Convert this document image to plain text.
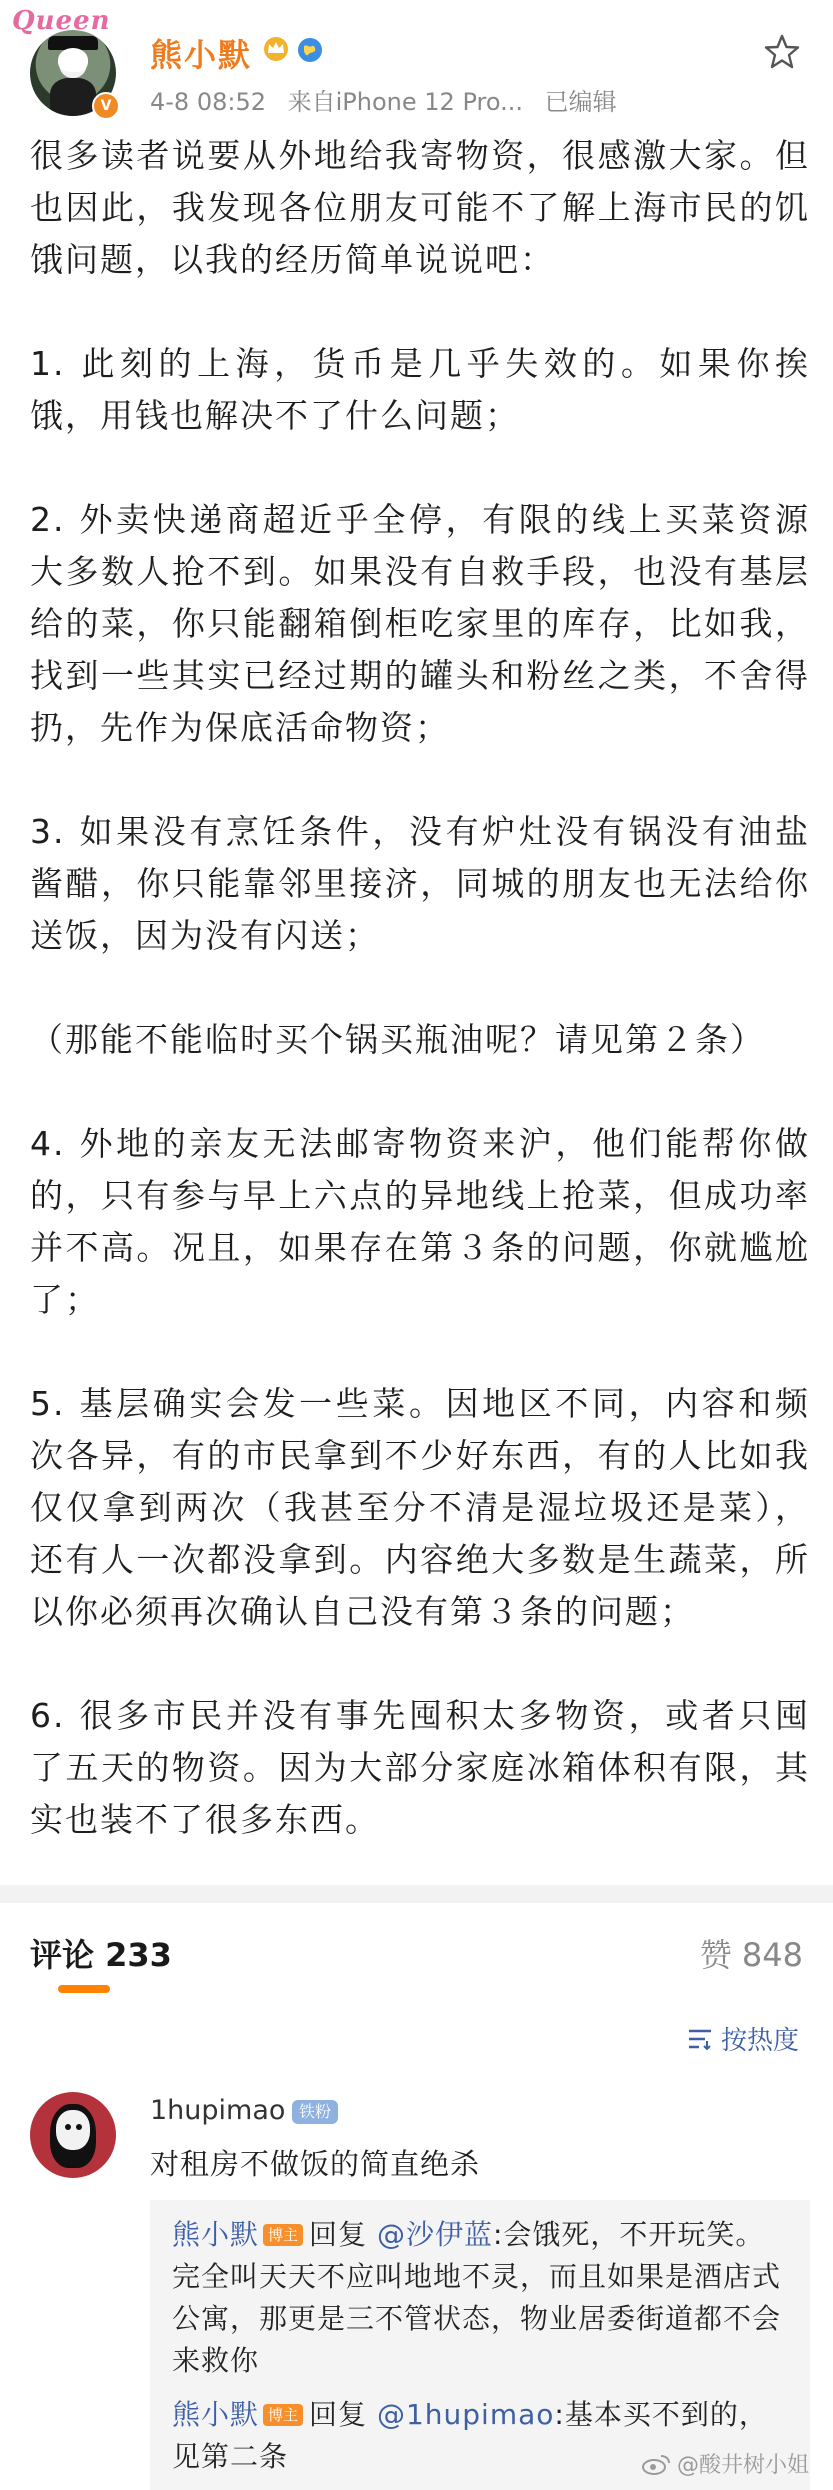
Queen
V
熊小默
4-8 08:52 来自iPhone 12 Pro... 已编辑

很多读者说要从外地给我寄物资，很感激大家。但也因此，我发现各位朋友可能不了解上海市民的饥饿问题，以我的经历简单说说吧：

1. 此刻的上海，货币是几乎失效的。如果你挨饿，用钱也解决不了什么问题；

2. 外卖快递商超近乎全停，有限的线上买菜资源大多数人抢不到。如果没有自救手段，也没有基层给的菜，你只能翻箱倒柜吃家里的库存，比如我，找到一些其实已经过期的罐头和粉丝之类，不舍得扔，先作为保底活命物资；

3. 如果没有烹饪条件，没有炉灶没有锅没有油盐酱醋，你只能靠邻里接济，同城的朋友也无法给你送饭，因为没有闪送；

（那能不能临时买个锅买瓶油呢？请见第２条）

4. 外地的亲友无法邮寄物资来沪，他们能帮你做的，只有参与早上六点的异地线上抢菜，但成功率并不高。况且，如果存在第３条的问题，你就尴尬了；

5. 基层确实会发一些菜。因地区不同，内容和频次各异，有的市民拿到不少好东西，有的人比如我仅仅拿到两次（我甚至分不清是湿垃圾还是菜），还有人一次都没拿到。内容绝大多数是生蔬菜，所以你必须再次确认自己没有第３条的问题；

6. 很多市民并没有事先囤积太多物资，或者只囤了五天的物资。因为大部分家庭冰箱体积有限，其实也装不了很多东西。

评论 233	赞 848
按热度
1hupimao 铁粉
对租房不做饭的简直绝杀
熊小默 博主 回复 @沙伊蓝:会饿死，不开玩笑。完全叫天天不应叫地地不灵，而且如果是酒店式公寓，那更是三不管状态，物业居委街道都不会来救你
熊小默 博主 回复 @1hupimao:基本买不到的，见第二条	@酸井树小姐
